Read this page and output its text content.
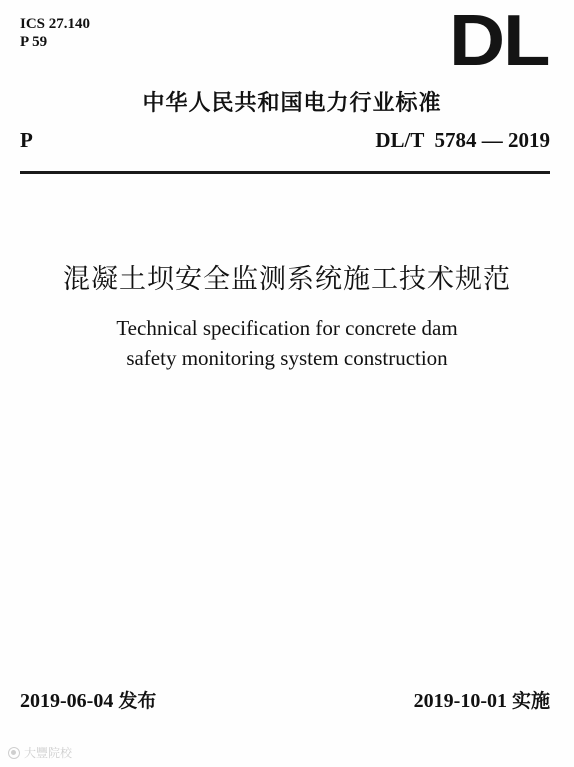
ICS 27.140
P 59	DL
中华人民共和国电力行业标准
P	DL/T  5784 — 2019
混凝土坝安全监测系统施工技术规范
Technical specification for concrete dam
safety monitoring system construction
2019-06-04 发布	2019-10-01 实施
大豐院校
